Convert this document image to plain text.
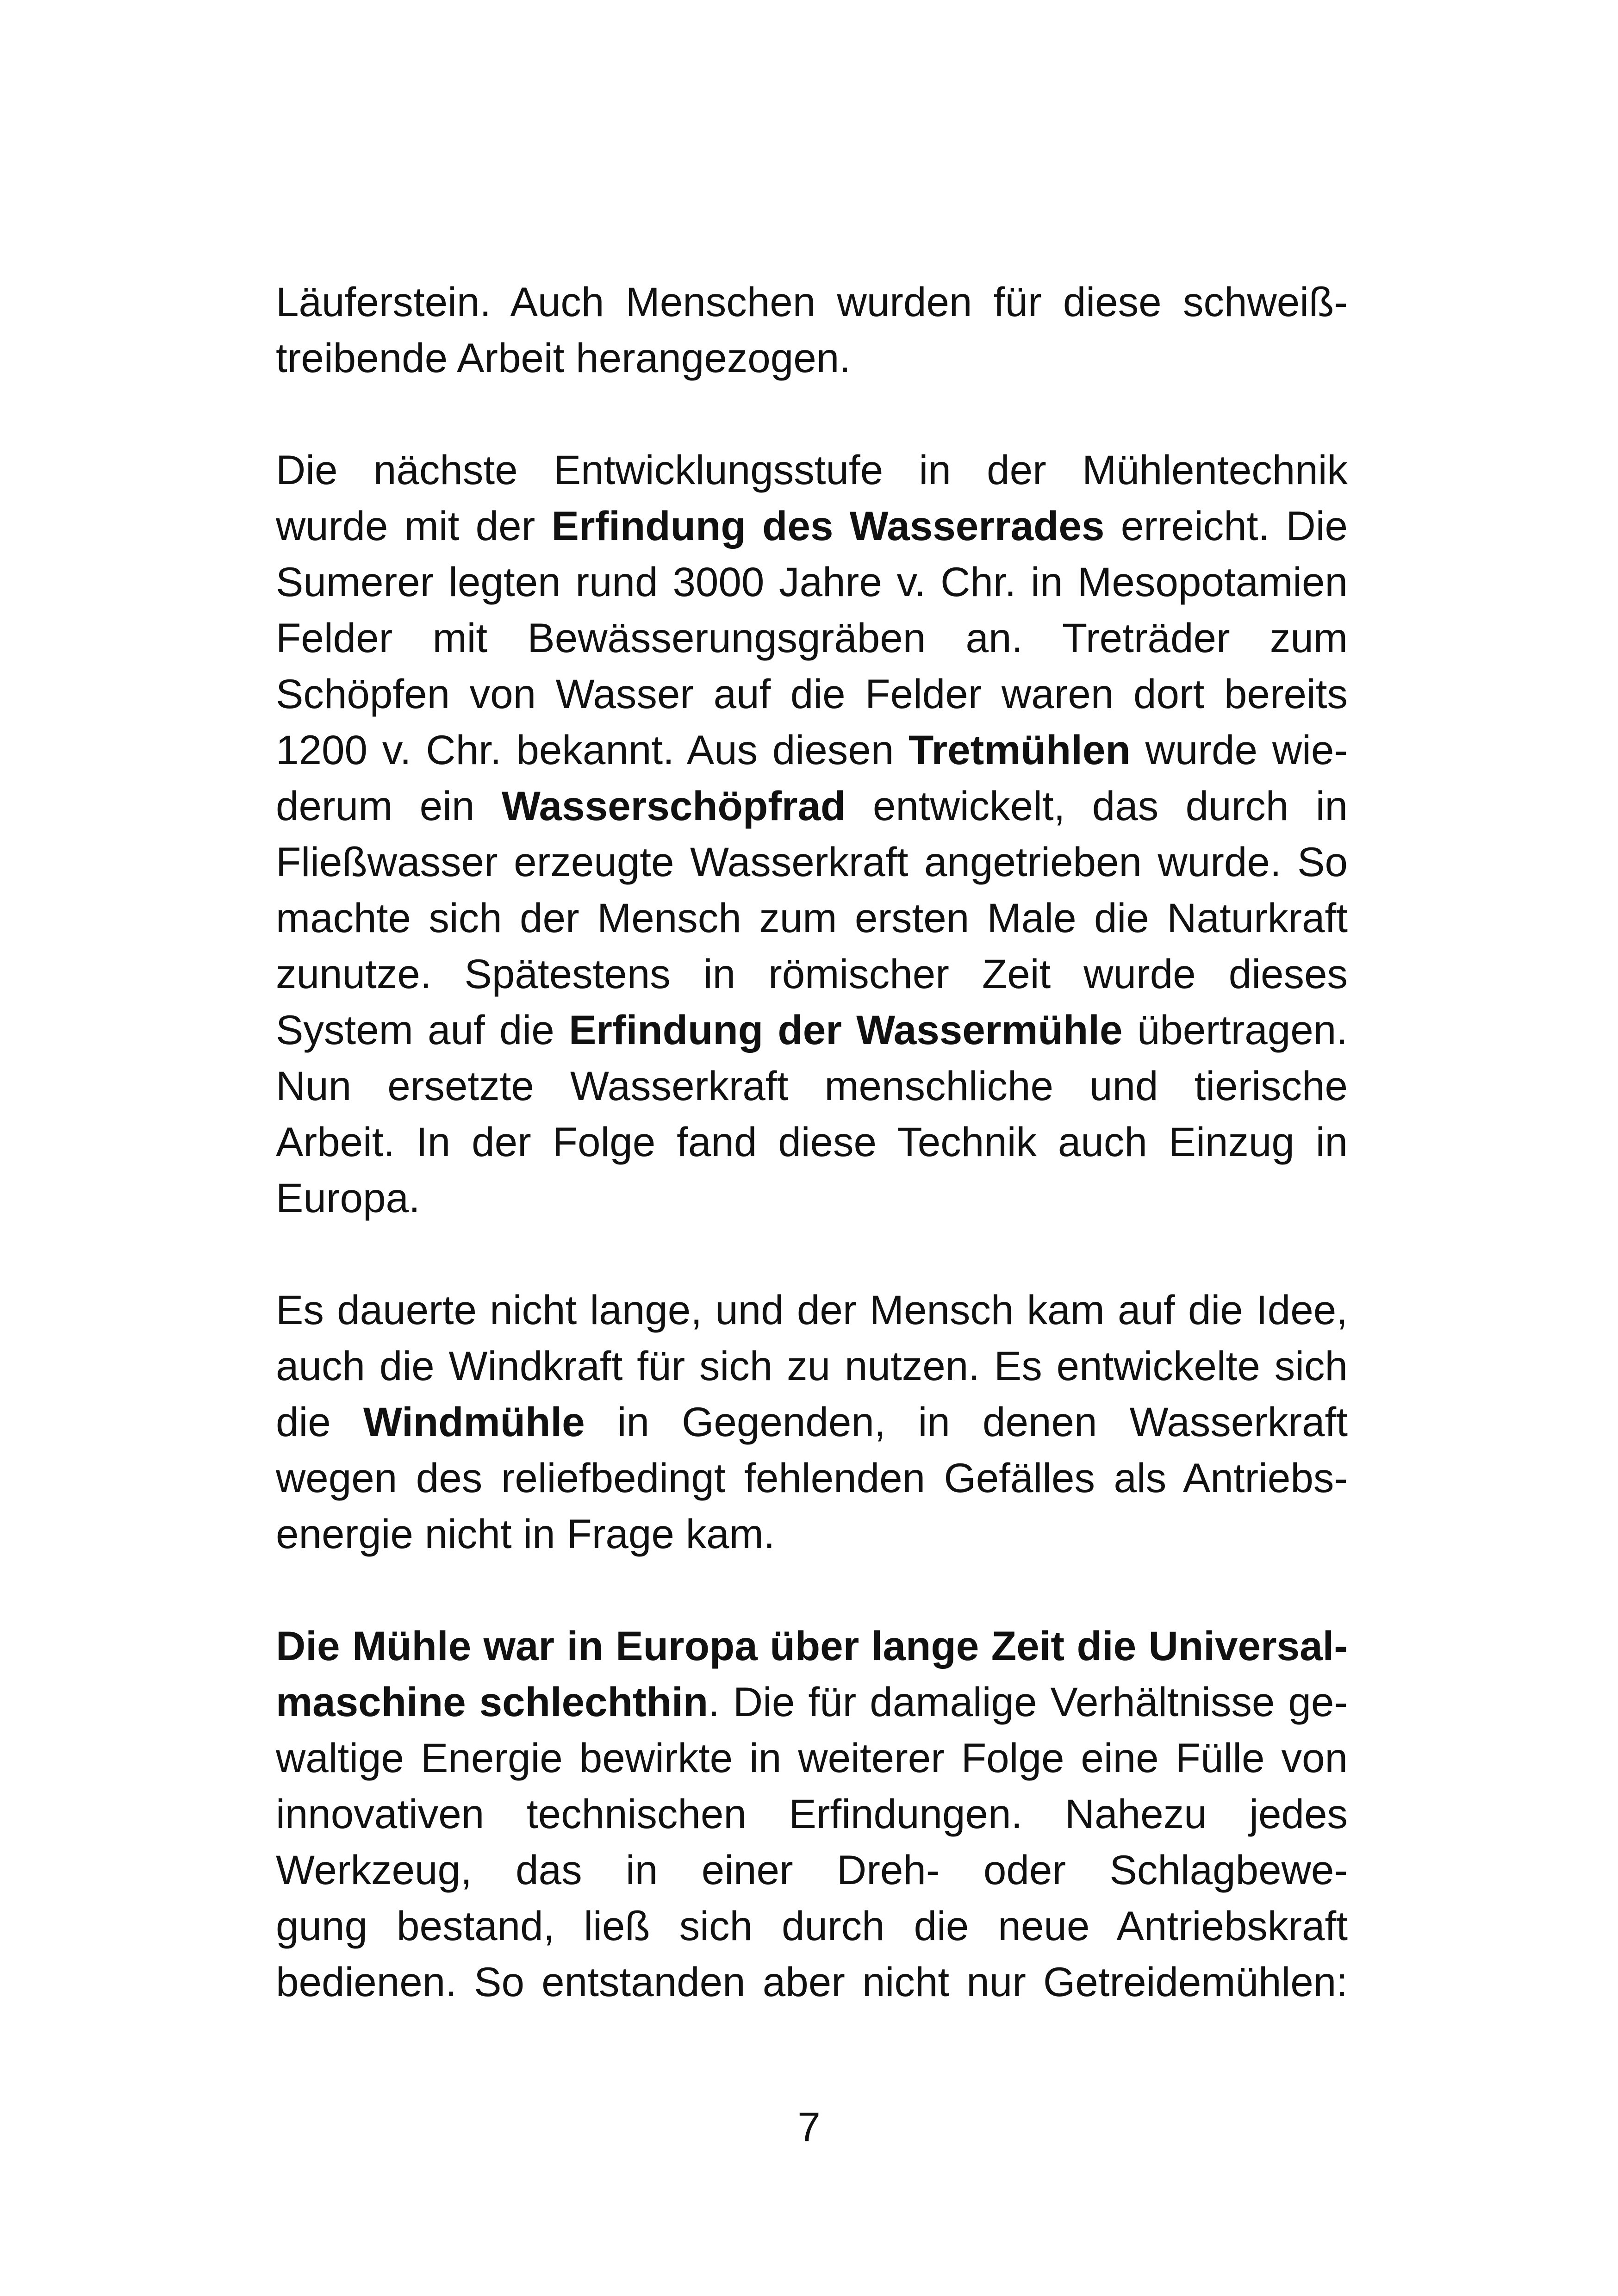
Läuferstein. Auch Menschen wurden für diese schweiß-
treibende Arbeit herangezogen.
Die nächste Entwicklungsstufe in der Mühlentechnik
wurde mit der Erfindung des Wasserrades erreicht. Die
Sumerer legten rund 3000 Jahre v. Chr. in Mesopotamien
Felder mit Bewässerungsgräben an. Treträder zum
Schöpfen von Wasser auf die Felder waren dort bereits
1200 v. Chr. bekannt. Aus diesen Tretmühlen wurde wie-
derum ein Wasserschöpfrad entwickelt, das durch in
Fließwasser erzeugte Wasserkraft angetrieben wurde. So
machte sich der Mensch zum ersten Male die Naturkraft
zunutze. Spätestens in römischer Zeit wurde dieses
System auf die Erfindung der Wassermühle übertragen.
Nun ersetzte Wasserkraft menschliche und tierische
Arbeit. In der Folge fand diese Technik auch Einzug in
Europa.
Es dauerte nicht lange, und der Mensch kam auf die Idee,
auch die Windkraft für sich zu nutzen. Es entwickelte sich
die Windmühle in Gegenden, in denen Wasserkraft
wegen des reliefbedingt fehlenden Gefälles als Antriebs-
energie nicht in Frage kam.
Die Mühle war in Europa über lange Zeit die Universal-
maschine schlechthin. Die für damalige Verhältnisse ge-
waltige Energie bewirkte in weiterer Folge eine Fülle von
innovativen technischen Erfindungen. Nahezu jedes
Werkzeug, das in einer Dreh- oder Schlagbewe-
gung bestand, ließ sich durch die neue Antriebskraft
bedienen. So entstanden aber nicht nur Getreidemühlen:
7
